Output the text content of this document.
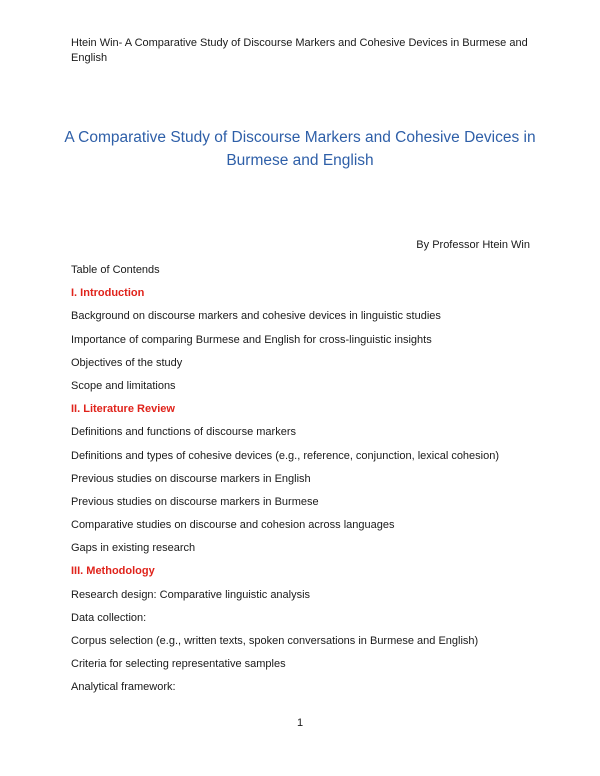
Htein Win- A Comparative Study of Discourse Markers and Cohesive Devices in Burmese and English
A Comparative Study of Discourse Markers and Cohesive Devices in Burmese and English
By Professor Htein Win
Table of Contends
I. Introduction
Background on discourse markers and cohesive devices in linguistic studies
Importance of comparing Burmese and English for cross-linguistic insights
Objectives of the study
Scope and limitations
II. Literature Review
Definitions and functions of discourse markers
Definitions and types of cohesive devices (e.g., reference, conjunction, lexical cohesion)
Previous studies on discourse markers in English
Previous studies on discourse markers in Burmese
Comparative studies on discourse and cohesion across languages
Gaps in existing research
III. Methodology
Research design: Comparative linguistic analysis
Data collection:
Corpus selection (e.g., written texts, spoken conversations in Burmese and English)
Criteria for selecting representative samples
Analytical framework:
1
